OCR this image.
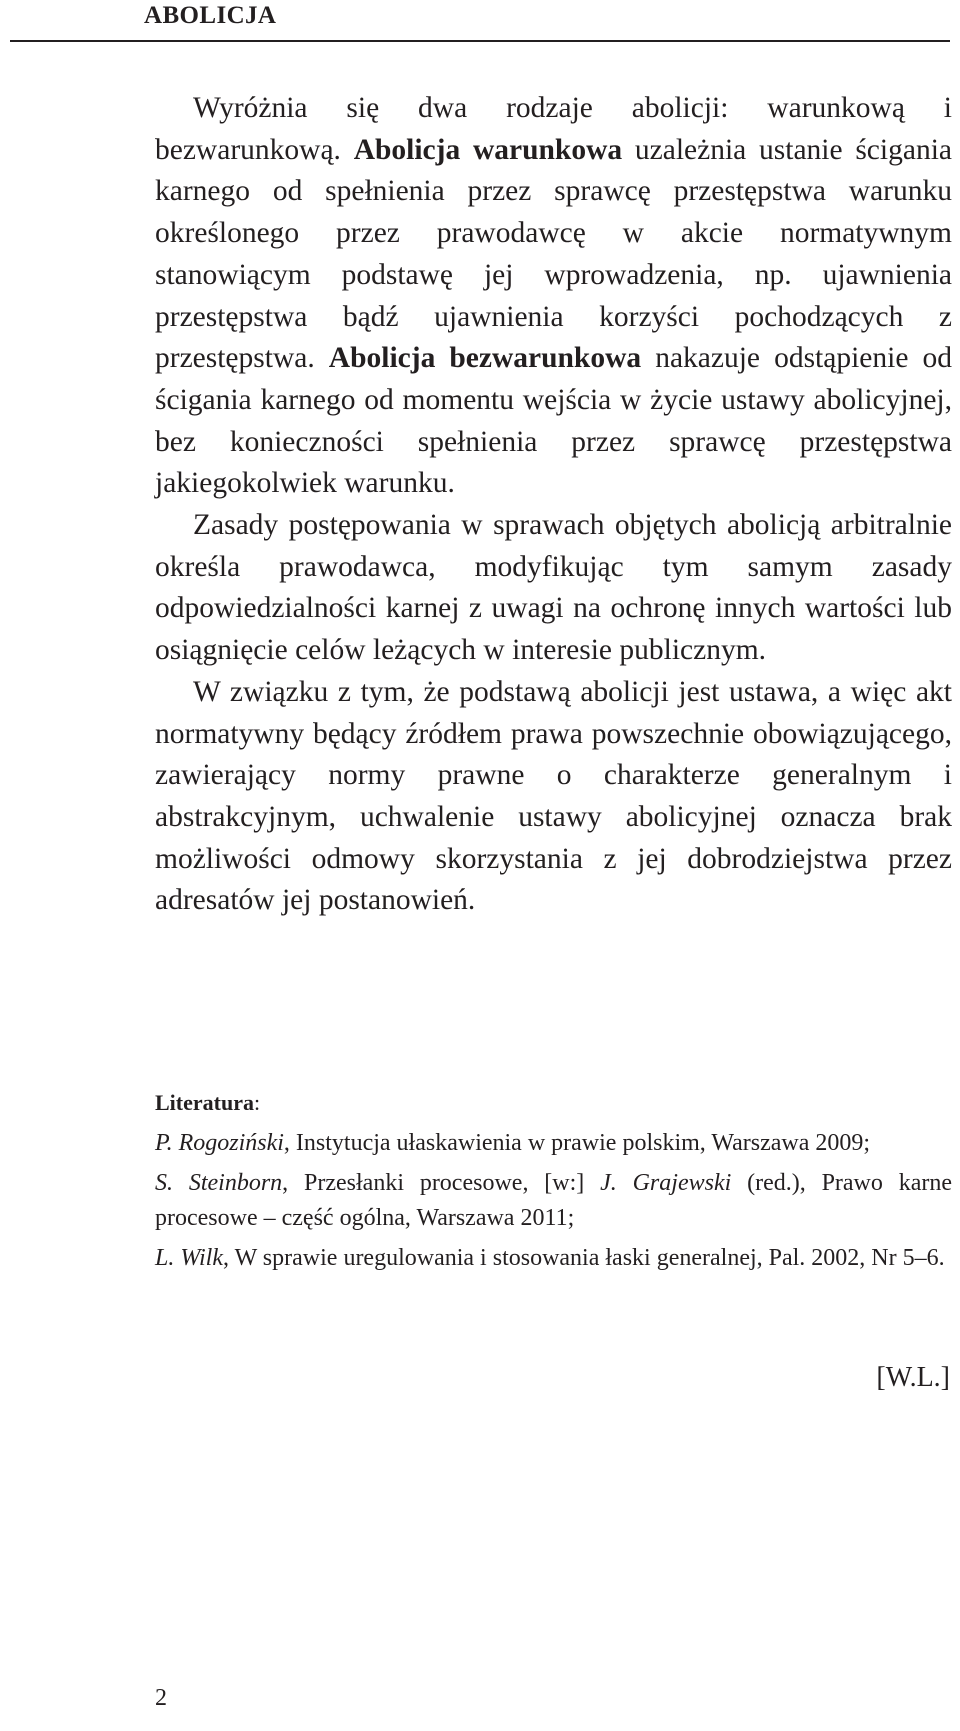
ABOLICJA

Wyróżnia się dwa rodzaje abolicji: warunkową i bezwarunkową. Abolicja warunkowa uzależnia ustanie ścigania karnego od spełnienia przez sprawcę przestępstwa warunku określonego przez prawodawcę w akcie normatywnym stanowiącym podstawę jej wprowadzenia, np. ujawnienia przestępstwa bądź ujawnienia korzyści pochodzących z przestępstwa. Abolicja bezwarunkowa nakazuje odstąpienie od ścigania karnego od momentu wejścia w życie ustawy abolicyjnej, bez konieczności spełnienia przez sprawcę przestępstwa jakiegokolwiek warunku.

Zasady postępowania w sprawach objętych abolicją arbitralnie określa prawodawca, modyfikując tym samym zasady odpowiedzialności karnej z uwagi na ochronę innych wartości lub osiągnięcie celów leżących w interesie publicznym.

W związku z tym, że podstawą abolicji jest ustawa, a więc akt normatywny będący źródłem prawa powszechnie obowiązującego, zawierający normy prawne o charakterze generalnym i abstrakcyjnym, uchwalenie ustawy abolicyjnej oznacza brak możliwości odmowy skorzystania z jej dobrodziejstwa przez adresatów jej postanowień.

Literatura:

P. Rogoziński, Instytucja ułaskawienia w prawie polskim, Warszawa 2009;

S. Steinborn, Przesłanki procesowe, [w:] J. Grajewski (red.), Prawo karne procesowe – część ogólna, Warszawa 2011;

L. Wilk, W sprawie uregulowania i stosowania łaski generalnej, Pal. 2002, Nr 5–6.

[W.L.]

2
